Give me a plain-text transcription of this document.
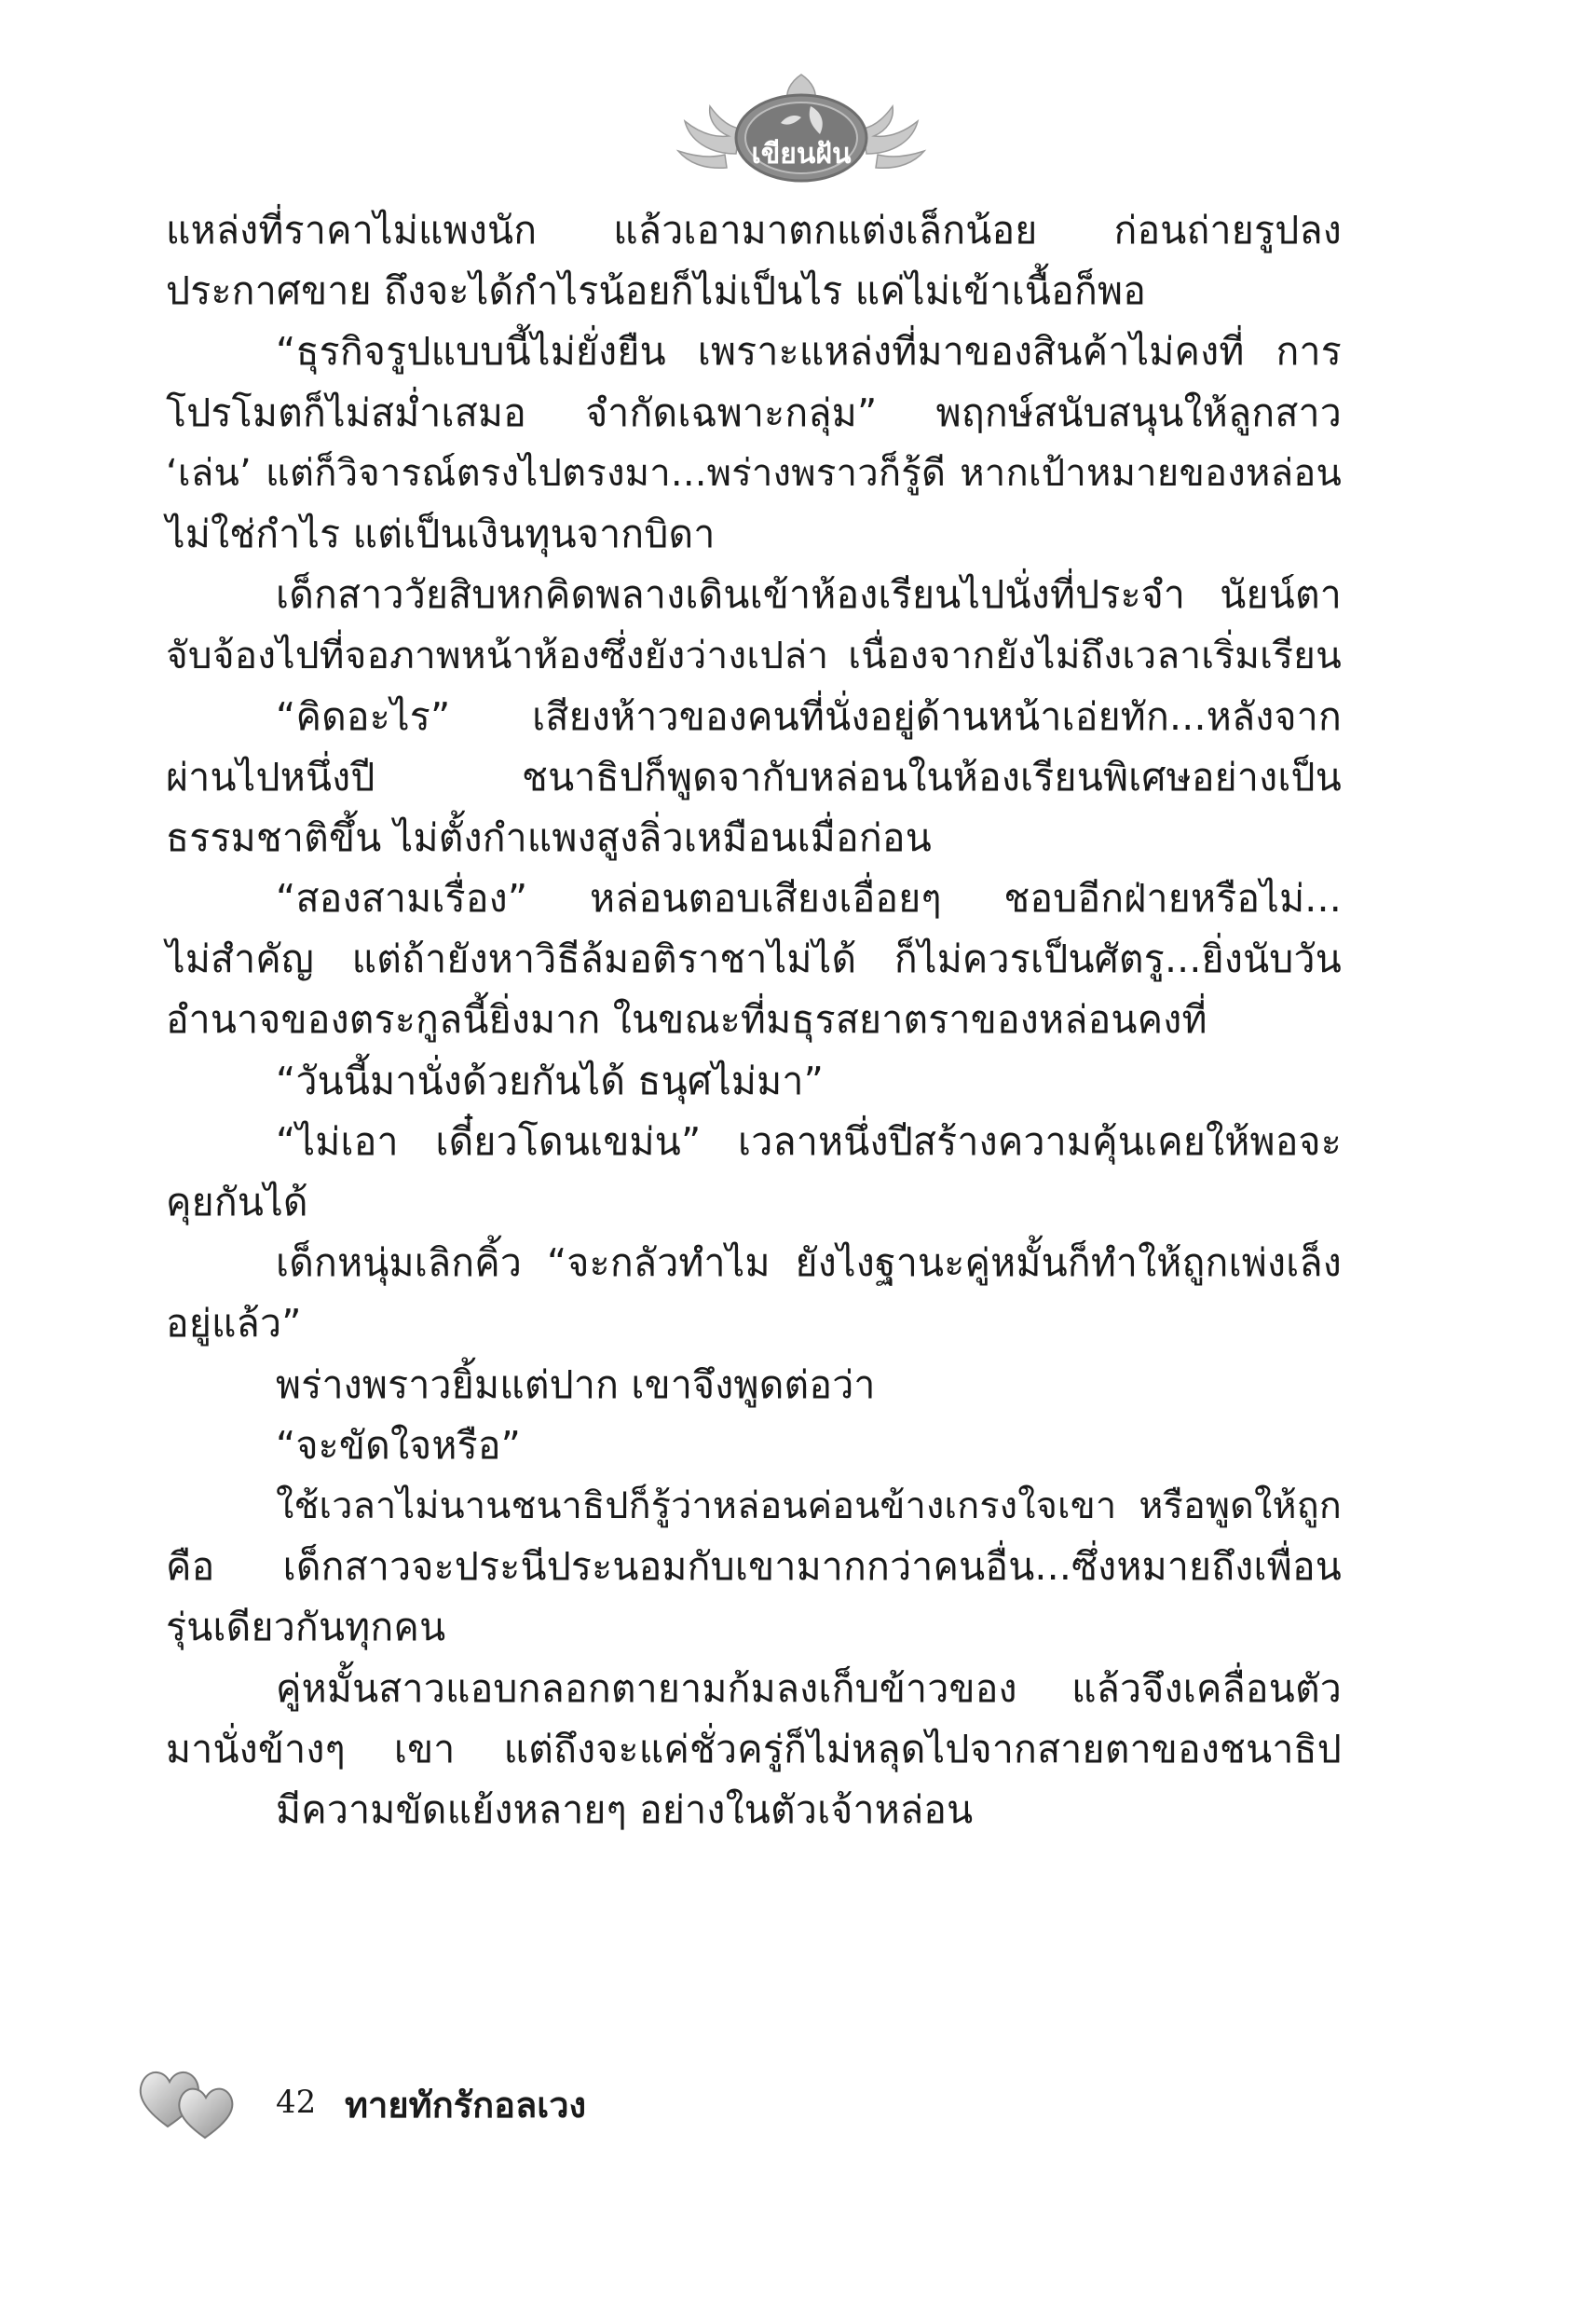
เขียนฝัน
แหล่งที่ราคาไม่แพงนัก แล้วเอามาตกแต่งเล็กน้อย ก่อนถ่ายรูปลง
ประกาศขาย ถึงจะได้กำไรน้อยก็ไม่เป็นไร แค่ไม่เข้าเนื้อก็พอ
“ธุรกิจรูปแบบนี้ไม่ยั่งยืน เพราะแหล่งที่มาของสินค้าไม่คงที่ การ
โปรโมตก็ไม่สม่ำเสมอ จำกัดเฉพาะกลุ่ม” พฤกษ์สนับสนุนให้ลูกสาว
‘เล่น’ แต่ก็วิจารณ์ตรงไปตรงมา...พร่างพราวก็รู้ดี หากเป้าหมายของหล่อน
ไม่ใช่กำไร แต่เป็นเงินทุนจากบิดา
เด็กสาววัยสิบหกคิดพลางเดินเข้าห้องเรียนไปนั่งที่ประจำ นัยน์ตา
จับจ้องไปที่จอภาพหน้าห้องซึ่งยังว่างเปล่า เนื่องจากยังไม่ถึงเวลาเริ่มเรียน
“คิดอะไร” เสียงห้าวของคนที่นั่งอยู่ด้านหน้าเอ่ยทัก...หลังจาก
ผ่านไปหนึ่งปี ชนาธิปก็พูดจากับหล่อนในห้องเรียนพิเศษอย่างเป็น
ธรรมชาติขึ้น ไม่ตั้งกำแพงสูงลิ่วเหมือนเมื่อก่อน
“สองสามเรื่อง” หล่อนตอบเสียงเอื่อยๆ ชอบอีกฝ่ายหรือไม่...
ไม่สำคัญ แต่ถ้ายังหาวิธีล้มอติราชาไม่ได้ ก็ไม่ควรเป็นศัตรู...ยิ่งนับวัน
อำนาจของตระกูลนี้ยิ่งมาก ในขณะที่มธุรสยาตราของหล่อนคงที่
“วันนี้มานั่งด้วยกันได้ ธนุศไม่มา”
“ไม่เอา เดี๋ยวโดนเขม่น” เวลาหนึ่งปีสร้างความคุ้นเคยให้พอจะ
คุยกันได้
เด็กหนุ่มเลิกคิ้ว “จะกลัวทำไม ยังไงฐานะคู่หมั้นก็ทำให้ถูกเพ่งเล็ง
อยู่แล้ว”
พร่างพราวยิ้มแต่ปาก เขาจึงพูดต่อว่า
“จะขัดใจหรือ”
ใช้เวลาไม่นานชนาธิปก็รู้ว่าหล่อนค่อนข้างเกรงใจเขา หรือพูดให้ถูก
คือ เด็กสาวจะประนีประนอมกับเขามากกว่าคนอื่น...ซึ่งหมายถึงเพื่อน
รุ่นเดียวกันทุกคน
คู่หมั้นสาวแอบกลอกตายามก้มลงเก็บข้าวของ แล้วจึงเคลื่อนตัว
มานั่งข้างๆ เขา แต่ถึงจะแค่ชั่วครู่ก็ไม่หลุดไปจากสายตาของชนาธิป
มีความขัดแย้งหลายๆ อย่างในตัวเจ้าหล่อน
42 ทายทักรักอลเวง
